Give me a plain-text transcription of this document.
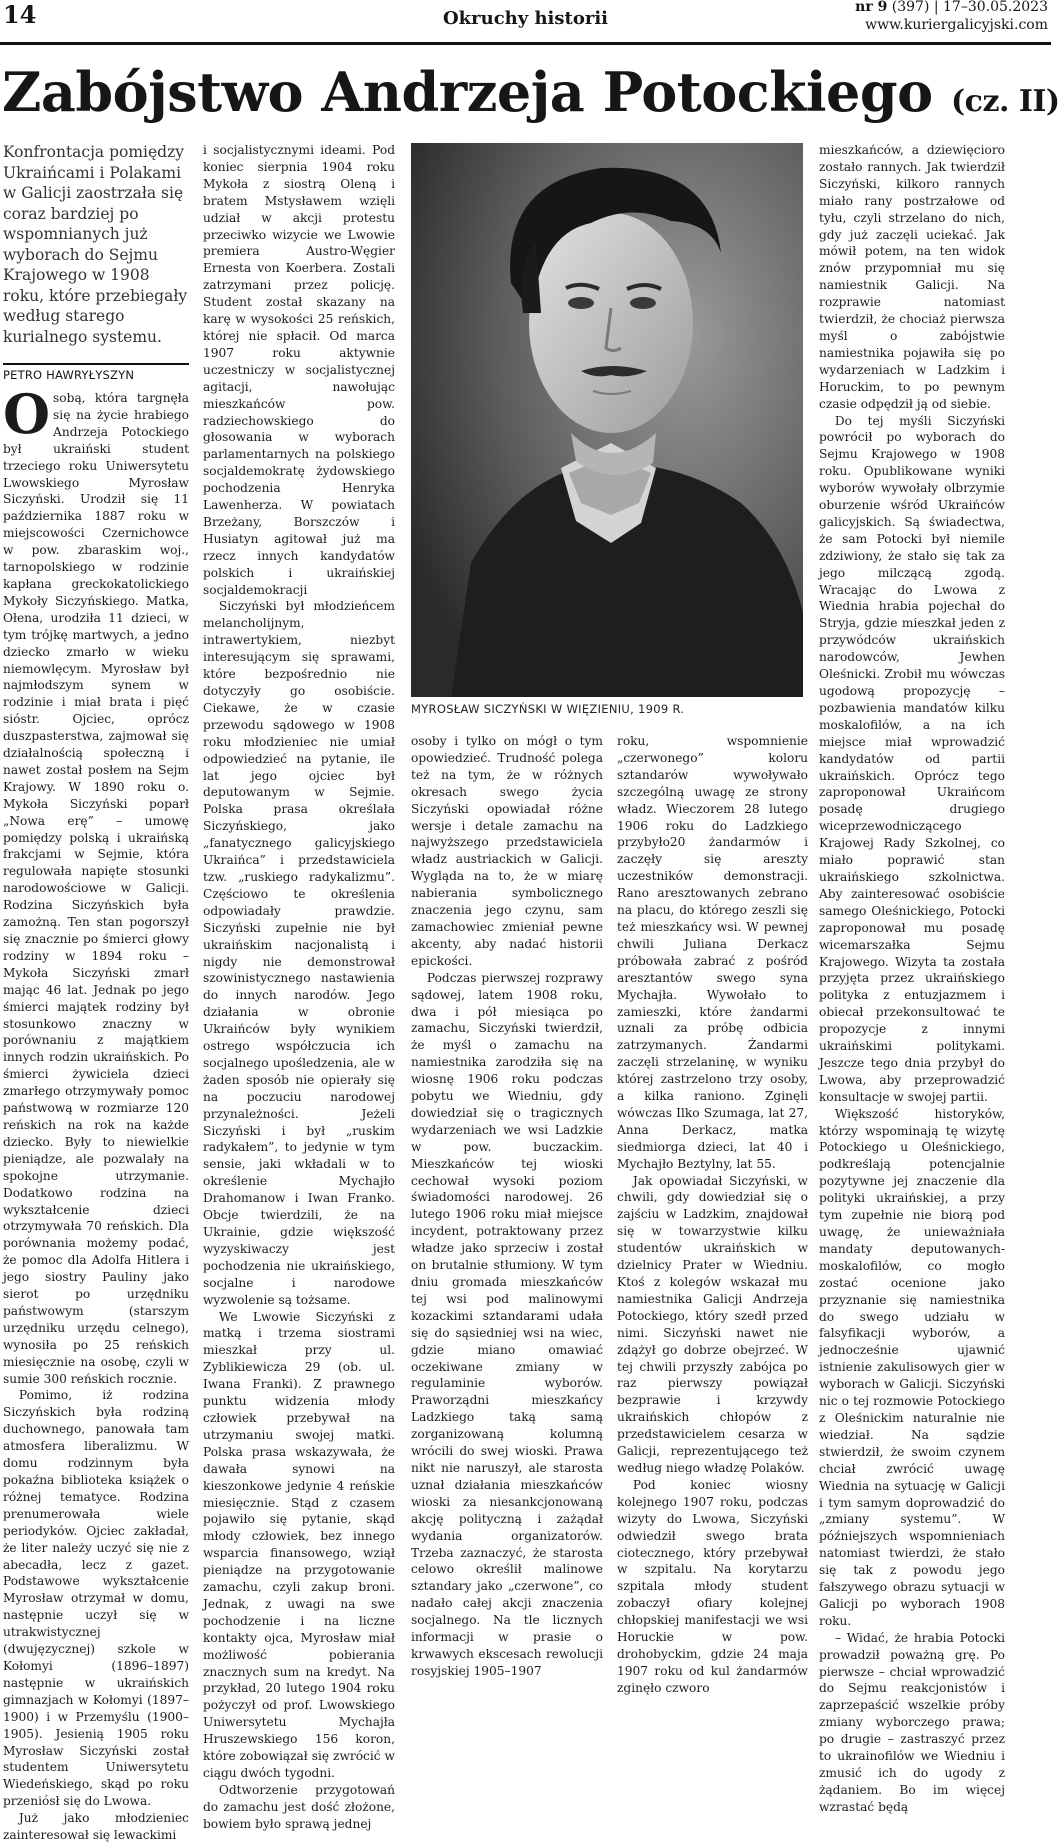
14	Okruchy historii
nr 9 (397) | 17–30.05.2023
www.kuriergalicyjski.com
Zabójstwo Andrzeja Potockiego (cz. II)
Konfrontacja pomiędzy Ukraińcami i Polakami w Galicji zaostrzała się coraz bardziej po wspomnianych już wyborach do Sejmu Krajowego w 1908 roku, które przebiegały według starego kurialnego systemu.
PETRO HAWRYŁYSZYN

Osobą, która targnęła się na życie hrabiego Andrzeja Potockiego był ukraiński student trzeciego roku Uniwersytetu Lwowskiego Myrosław Siczyński. Urodził się 11 października 1887 roku w miejscowości Czernichowce w pow. zbaraskim woj., tarnopolskiego w rodzinie kapłana greckokatolickiego Mykoły Siczyńskiego. Matka, Ołena, urodziła 11 dzieci, w tym trójkę martwych, a jedno dziecko zmarło w wieku niemowlęcym. Myrosław był najmłodszym synem w rodzinie i miał brata i pięć sióstr. Ojciec, oprócz duszpasterstwa, zajmował się działalnością społeczną i nawet został posłem na Sejm Krajowy. W 1890 roku o. Mykoła Siczyński poparł „Nowa erę” – umowę pomiędzy polską i ukraińską frakcjami w Sejmie, która regulowała napięte stosunki narodowościowe w Galicji. Rodzina Siczyńskich była zamożną. Ten stan pogorszył się znacznie po śmierci głowy rodziny w 1894 roku – Mykoła Siczyński zmarł mając 46 lat. Jednak po jego śmierci majątek rodziny był stosunkowo znaczny w porównaniu z majątkiem innych rodzin ukraińskich. Po śmierci żywiciela dzieci zmarłego otrzymywały pomoc państwową w rozmiarze 120 reńskich na rok na każde dziecko. Były to niewielkie pieniądze, ale pozwalały na spokojne utrzymanie. Dodatkowo rodzina na wykształcenie dzieci otrzymywała 70 reńskich. Dla porównania możemy podać, że pomoc dla Adolfa Hitlera i jego siostry Pauliny jako sierot po urzędniku państwowym (starszym urzędniku urzędu celnego), wynosiła po 25 reńskich miesięcznie na osobę, czyli w sumie 300 reńskich rocznie.

Pomimo, iż rodzina Siczyńskich była rodziną duchownego, panowała tam atmosfera liberalizmu. W domu rodzinnym była pokaźna biblioteka książek o różnej tematyce. Rodzina prenumerowała wiele periodyków. Ojciec zakładał, że liter należy uczyć się nie z abecadła, lecz z gazet. Podstawowe wykształcenie Myrosław otrzymał w domu, następnie uczył się w utrakwistycznej (dwujęzycznej) szkole w Kołomyi (1896–1897) następnie w ukraińskich gimnazjach w Kołomyi (1897–1900) i w Przemyślu (1900–1905). Jesienią 1905 roku Myrosław Siczyński został studentem Uniwersytetu Wiedeńskiego, skąd po roku przeniósł się do Lwowa.

Już jako młodzieniec zainteresował się lewackimi

i socjalistycznymi ideami. Pod koniec sierpnia 1904 roku Mykoła z siostrą Oleną i bratem Mstysławem wzięli udział w akcji protestu przeciwko wizycie we Lwowie premiera Austro-Węgier Ernesta von Koerbera. Zostali zatrzymani przez policję. Student został skazany na karę w wysokości 25 reńskich, której nie spłacił. Od marca 1907 roku aktywnie uczestniczy w socjalistycznej agitacji, nawołując mieszkańców pow. radziechowskiego do głosowania w wyborach parlamentarnych na polskiego socjaldemokratę żydowskiego pochodzenia Henryka Lawenherza. W powiatach Brzeżany, Borszczów i Husiatyn agitował już ma rzecz innych kandydatów polskich i ukraińskiej socjaldemokracji

Siczyński był młodzieńcem melancholijnym, intrawertykiem, niezbyt interesującym się sprawami, które bezpośrednio nie dotyczyły go osobiście. Ciekawe, że w czasie przewodu sądowego w 1908 roku młodzieniec nie umiał odpowiedzieć na pytanie, ile lat jego ojciec był deputowanym w Sejmie. Polska prasa określała Siczyńskiego, jako „fanatycznego galicyjskiego Ukraińca” i przedstawiciela tzw. „ruskiego radykalizmu”. Częściowo te określenia odpowiadały prawdzie. Siczyński zupełnie nie był ukraińskim nacjonalistą i nigdy nie demonstrował szowinistycznego nastawienia do innych narodów. Jego działania w obronie Ukraińców były wynikiem ostrego współczucia ich socjalnego upośledzenia, ale w żaden sposób nie opierały się na poczuciu narodowej przynależności. Jeżeli Siczyński i był „ruskim radykałem”, to jedynie w tym sensie, jaki wkładali w to określenie Mychajło Drahomanow i Iwan Franko. Obcje twierdzili, że na Ukrainie, gdzie większość wyzyskiwaczy jest pochodzenia nie ukraińskiego, socjalne i narodowe wyzwolenie są tożsame.

We Lwowie Siczyński z matką i trzema siostrami mieszkał przy ul. Zyblikiewicza 29 (ob. ul. Iwana Franki). Z prawnego punktu widzenia młody człowiek przebywał na utrzymaniu swojej matki. Polska prasa wskazywała, że dawała synowi na kieszonkowe jedynie 4 reńskie miesięcznie. Stąd z czasem pojawiło się pytanie, skąd młody człowiek, bez innego wsparcia finansowego, wziął pieniądze na przygotowanie zamachu, czyli zakup broni. Jednak, z uwagi na swe pochodzenie i na liczne kontakty ojca, Myrosław miał możliwość pobierania znacznych sum na kredyt. Na przykład, 20 lutego 1904 roku pożyczył od prof. Lwowskiego Uniwersytetu Mychajła Hruszewskiego 156 koron, które zobowiązał się zwrócić w ciągu dwóch tygodni.

Odtworzenie przygotowań do zamachu jest dość złożone, bowiem było sprawą jednej

MYROSŁAW SICZYŃSKI W WIĘZIENIU, 1909 R.

osoby i tylko on mógł o tym opowiedzieć. Trudność polega też na tym, że w różnych okresach swego życia Siczyński opowiadał różne wersje i detale zamachu na najwyższego przedstawiciela władz austriackich w Galicji. Wygląda na to, że w miarę nabierania symbolicznego znaczenia jego czynu, sam zamachowiec zmieniał pewne akcenty, aby nadać historii epickości.

Podczas pierwszej rozprawy sądowej, latem 1908 roku, dwa i pół miesiąca po zamachu, Siczyński twierdził, że myśl o zamachu na namiestnika zarodziła się na wiosnę 1906 roku podczas pobytu we Wiedniu, gdy dowiedział się o tragicznych wydarzeniach we wsi Ladzkie w pow. buczackim. Mieszkańców tej wioski cechował wysoki poziom świadomości narodowej. 26 lutego 1906 roku miał miejsce incydent, potraktowany przez władze jako sprzeciw i został on brutalnie stłumiony. W tym dniu gromada mieszkańców tej wsi pod malinowymi kozackimi sztandarami udała się do sąsiedniej wsi na wiec, gdzie miano omawiać oczekiwane zmiany w regulaminie wyborów. Praworządni mieszkańcy Ladzkiego taką samą zorganizowaną kolumną wrócili do swej wioski. Prawa nikt nie naruszył, ale starosta uznał działania mieszkańców wioski za niesankcjonowaną akcję polityczną i zażądał wydania organizatorów. Trzeba zaznaczyć, że starosta celowo określił malinowe sztandary jako „czerwone”, co nadało całej akcji znaczenia socjalnego. Na tle licznych informacji w prasie o krwawych ekscesach rewolucji rosyjskiej 1905–1907

roku, wspomnienie „czerwonego” koloru sztandarów wywoływało szczególną uwagę ze strony władz. Wieczorem 28 lutego 1906 roku do Ladzkiego przybyło20 żandarmów i zaczęły się areszty uczestników demonstracji. Rano aresztowanych zebrano na placu, do którego zeszli się też mieszkańcy wsi. W pewnej chwili Juliana Derkacz próbowała zabrać z pośród aresztantów swego syna Mychajła. Wywołało to zamieszki, które żandarmi uznali za próbę odbicia zatrzymanych. Żandarmi zaczęli strzelaninę, w wyniku której zastrzelono trzy osoby, a kilka raniono. Zginęli wówczas Ilko Szumaga, lat 27, Anna Derkacz, matka siedmiorga dzieci, lat 40 i Mychajło Beztylny, lat 55.

Jak opowiadał Siczyński, w chwili, gdy dowiedział się o zajściu w Ladzkim, znajdował się w towarzystwie kilku studentów ukraińskich w dzielnicy Prater w Wiedniu. Ktoś z kolegów wskazał mu namiestnika Galicji Andrzeja Potockiego, który szedł przed nimi. Siczyński nawet nie zdążył go dobrze obejrzeć. W tej chwili przyszły zabójca po raz pierwszy powiązał bezprawie i krzywdy ukraińskich chłopów z przedstawicielem cesarza w Galicji, reprezentującego też według niego władzę Polaków.

Pod koniec wiosny kolejnego 1907 roku, podczas wizyty do Lwowa, Siczyński odwiedził swego brata ciotecznego, który przebywał w szpitalu. Na korytarzu szpitala młody student zobaczył ofiary kolejnej chłopskiej manifestacji we wsi Horuckie w pow. drohobyckim, gdzie 24 maja 1907 roku od kul żandarmów zginęło czworo

mieszkańców, a dziewięcioro zostało rannych. Jak twierdził Siczyński, kilkoro rannych miało rany postrzałowe od tyłu, czyli strzelano do nich, gdy już zaczęli uciekać. Jak mówił potem, na ten widok znów przypomniał mu się namiestnik Galicji. Na rozprawie natomiast twierdził, że chociaż pierwsza myśl o zabójstwie namiestnika pojawiła się po wydarzeniach w Ladzkim i Horuckim, to po pewnym czasie odpędził ją od siebie.

Do tej myśli Siczyński powrócił po wyborach do Sejmu Krajowego w 1908 roku. Opublikowane wyniki wyborów wywołały olbrzymie oburzenie wśród Ukraińców galicyjskich. Są świadectwa, że sam Potocki był niemile zdziwiony, że stało się tak za jego milczącą zgodą. Wracając do Lwowa z Wiednia hrabia pojechał do Stryja, gdzie mieszkał jeden z przywódców ukraińskich narodowców, Jewhen Oleśnicki. Zrobił mu wówczas ugodową propozycję – pozbawienia mandatów kilku moskalofilów, a na ich miejsce miał wprowadzić kandydatów od partii ukraińskich. Oprócz tego zaproponował Ukraińcom posadę drugiego wiceprzewodniczącego Krajowej Rady Szkolnej, co miało poprawić stan ukraińskiego szkolnictwa. Aby zainteresować osobiście samego Oleśnickiego, Potocki zaproponował mu posadę wicemarszałka Sejmu Krajowego. Wizyta ta została przyjęta przez ukraińskiego polityka z entuzjazmem i obiecał przekonsultować te propozycje z innymi ukraińskimi politykami. Jeszcze tego dnia przybył do Lwowa, aby przeprowadzić konsultacje w swojej partii.

Większość historyków, którzy wspominają tę wizytę Potockiego u Oleśnickiego, podkreślają potencjalnie pozytywne jej znaczenie dla polityki ukraińskiej, a przy tym zupełnie nie biorą pod uwagę, że unieważniała mandaty deputowanych-moskalofilów, co mogło zostać ocenione jako przyznanie się namiestnika do swego udziału w falsyfikacji wyborów, a jednocześnie ujawnić istnienie zakulisowych gier w wyborach w Galicji. Siczyński nic o tej rozmowie Potockiego z Oleśnickim naturalnie nie wiedział. Na sądzie stwierdził, że swoim czynem chciał zwrócić uwagę Wiednia na sytuację w Galicji i tym samym doprowadzić do „zmiany systemu”. W późniejszych wspomnieniach natomiast twierdzi, że stało się tak z powodu jego fałszywego obrazu sytuacji w Galicji po wyborach 1908 roku.

– Widać, że hrabia Potocki prowadził poważną grę. Po pierwsze – chciał wprowadzić do Sejmu reakcjonistów i zaprzepaścić wszelkie próby zmiany wyborczego prawa; po drugie – zastraszyć przez to ukrainofilów we Wiedniu i zmusić ich do ugody z żądaniem. Bo im więcej wzrastać będą
